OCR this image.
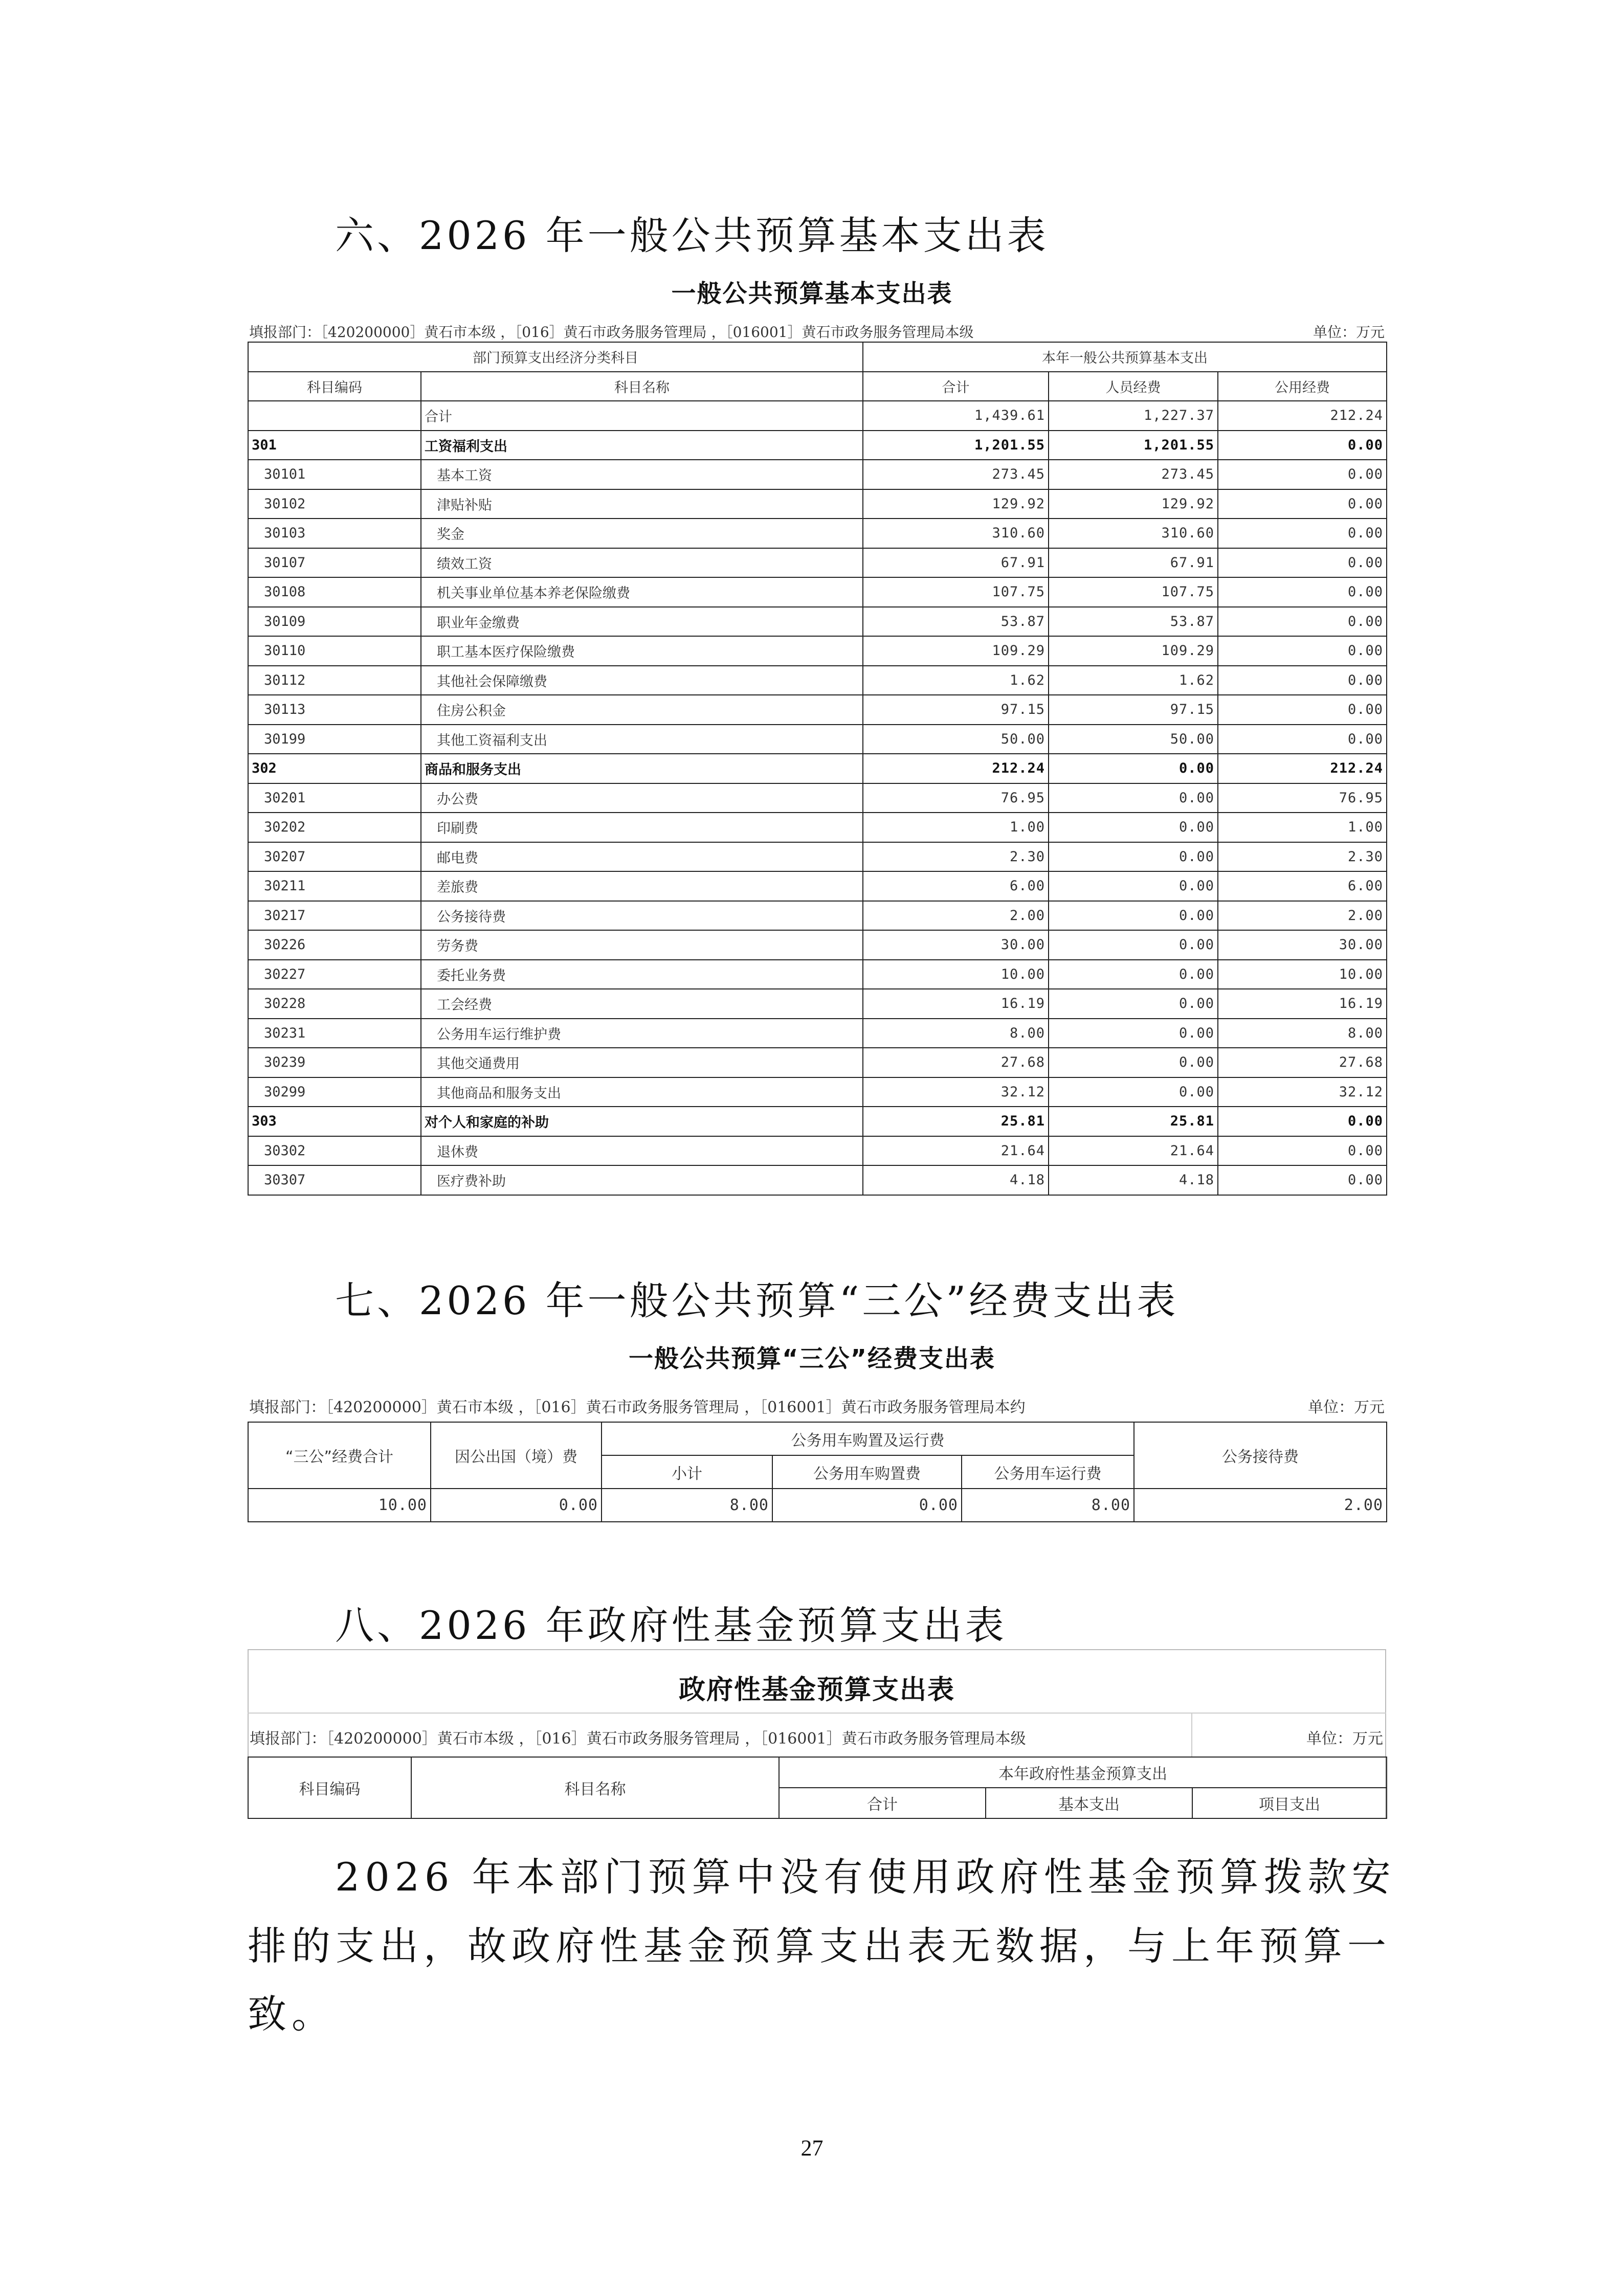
六、2026 年一般公共预算基本支出表
一般公共预算基本支出表
填报部门：［420200000］黄石市本级 ，［016］黄石市政务服务管理局 ，［016001］黄石市政务服务管理局本级	单位：万元
部门预算支出经济分类科目		本年一般公共预算基本支出		
科目编码	科目名称	合计	人员经费	公用经费
	合计	1,439.61	1,227.37	212.24
301	工资福利支出	1,201.55	1,201.55	0.00
30101	基本工资	273.45	273.45	0.00
30102	津贴补贴	129.92	129.92	0.00
30103	奖金	310.60	310.60	0.00
30107	绩效工资	67.91	67.91	0.00
30108	机关事业单位基本养老保险缴费	107.75	107.75	0.00
30109	职业年金缴费	53.87	53.87	0.00
30110	职工基本医疗保险缴费	109.29	109.29	0.00
30112	其他社会保障缴费	1.62	1.62	0.00
30113	住房公积金	97.15	97.15	0.00
30199	其他工资福利支出	50.00	50.00	0.00
302	商品和服务支出	212.24	0.00	212.24
30201	办公费	76.95	0.00	76.95
30202	印刷费	1.00	0.00	1.00
30207	邮电费	2.30	0.00	2.30
30211	差旅费	6.00	0.00	6.00
30217	公务接待费	2.00	0.00	2.00
30226	劳务费	30.00	0.00	30.00
30227	委托业务费	10.00	0.00	10.00
30228	工会经费	16.19	0.00	16.19
30231	公务用车运行维护费	8.00	0.00	8.00
30239	其他交通费用	27.68	0.00	27.68
30299	其他商品和服务支出	32.12	0.00	32.12
303	对个人和家庭的补助	25.81	25.81	0.00
30302	退休费	21.64	21.64	0.00
30307	医疗费补助	4.18	4.18	0.00
七、2026 年一般公共预算“三公”经费支出表
一般公共预算“三公”经费支出表
填报部门：［420200000］黄石市本级 ，［016］黄石市政务服务管理局 ，［016001］黄石市政务服务管理局本约	单位：万元
“三公”经费合计	因公出国（境）费	公务用车购置及运行费			公务接待费
		小计	公务用车购置费	公务用车运行费	
10.00	0.00	8.00	0.00	8.00	2.00
八、2026 年政府性基金预算支出表
政府性基金预算支出表
填报部门：［420200000］黄石市本级 ，［016］黄石市政务服务管理局 ，［016001］黄石市政务服务管理局本级	单位：万元
科目编码	科目名称	本年政府性基金预算支出		
		合计	基本支出	项目支出
2026 年本部门预算中没有使用政府性基金预算拨款安
排的支出，故政府性基金预算支出表无数据，与上年预算一
致。
27
